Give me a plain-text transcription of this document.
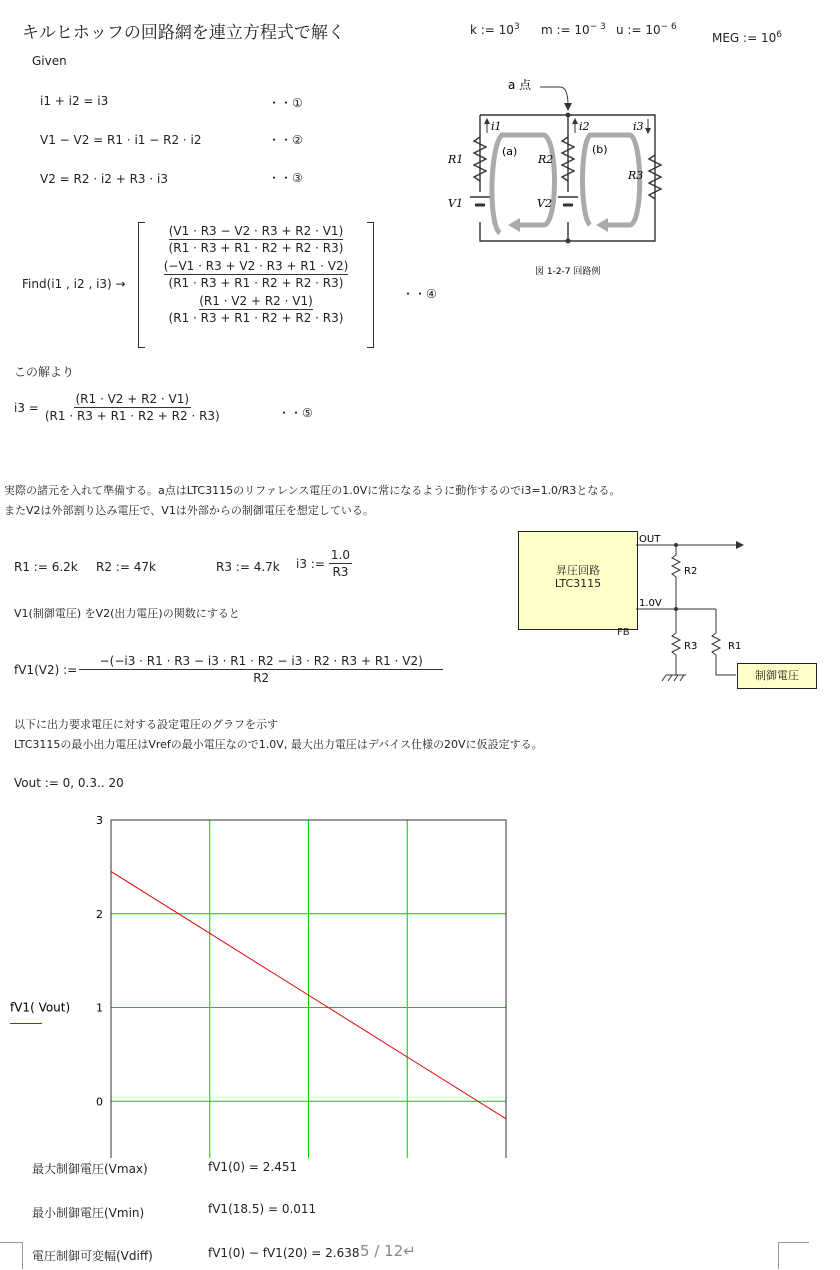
キルヒホッフの回路網を連立方程式で解く	k := $10^3$ m := $10^{- 3}$ u := $10^{- 6}$
MEG := $10^6$
Given
i1 + i2 = i3	・・①
V1 − V2 = R1 · i1 − R2 · i2	・・②
V2 = R2 · i2 + R3 · i3	・・③
Find(i1 , i2 , i3) →
$\frac{(V1 \cdot R3 - V2 \cdot R3 + R2 \cdot V1)}{(R1 \cdot R3 + R1 \cdot R2 + R2 \cdot R3)}$
$\frac{(-V1 \cdot R3 + V2 \cdot R3 + R1 \cdot V2)}{(R1 \cdot R3 + R1 \cdot R2 + R2 \cdot R3)}$
$\frac{(R1 \cdot V2 + R2 \cdot V1)}{(R1 \cdot R3 + R1 \cdot R2 + R2 \cdot R3)}$	・・④
この解より
$i3 = \frac{(R1 \cdot V2 + R2 \cdot V1)}{(R1 \cdot R3 + R1 \cdot R2 + R2 \cdot R3)}$	・・⑤
a 点
i1	i2	i3
R1	R2
R3
V1	V2
(a)	(b)
図 1-2-7 回路例
実際の諸元を入れて準備する。a点はLTC3115のリファレンス電圧の1.0Vに常になるように動作するのでi3=1.0/R3となる。
またV2は外部割り込み電圧で、V1は外部からの制御電圧を想定している。
R1 := 6.2k R2 := 47k	R3 := 4.7k i3 := $\frac{1.0}{R3}$
V1(制御電圧) をV2(出力電圧)の関数にすると
fV1(V2) := $\frac{-(-i3 \cdot R1 \cdot R3 - i3 \cdot R1 \cdot R2 - i3 \cdot R2 \cdot R3 + R1 \cdot V2)}{R2}$
昇圧回路
LTC3115
OUT
R2
1.0V
R3	R1
FB
制御電圧
以下に出力要求電圧に対する設定電圧のグラフを示す
LTC3115の最小出力電圧はVrefの最小電圧なので1.0V, 最大出力電圧はデバイス仕様の20Vに仮設定する。
Vout := 0, 0.3.. 20
0
1
2
3
fV1( Vout)
最大制御電圧(Vmax)	fV1(0) = 2.451
最小制御電圧(Vmin)	fV1(18.5) = 0.011
電圧制御可変幅(Vdiff)	fV1(0) − fV1(20) = 2.638 5 / 12↵
